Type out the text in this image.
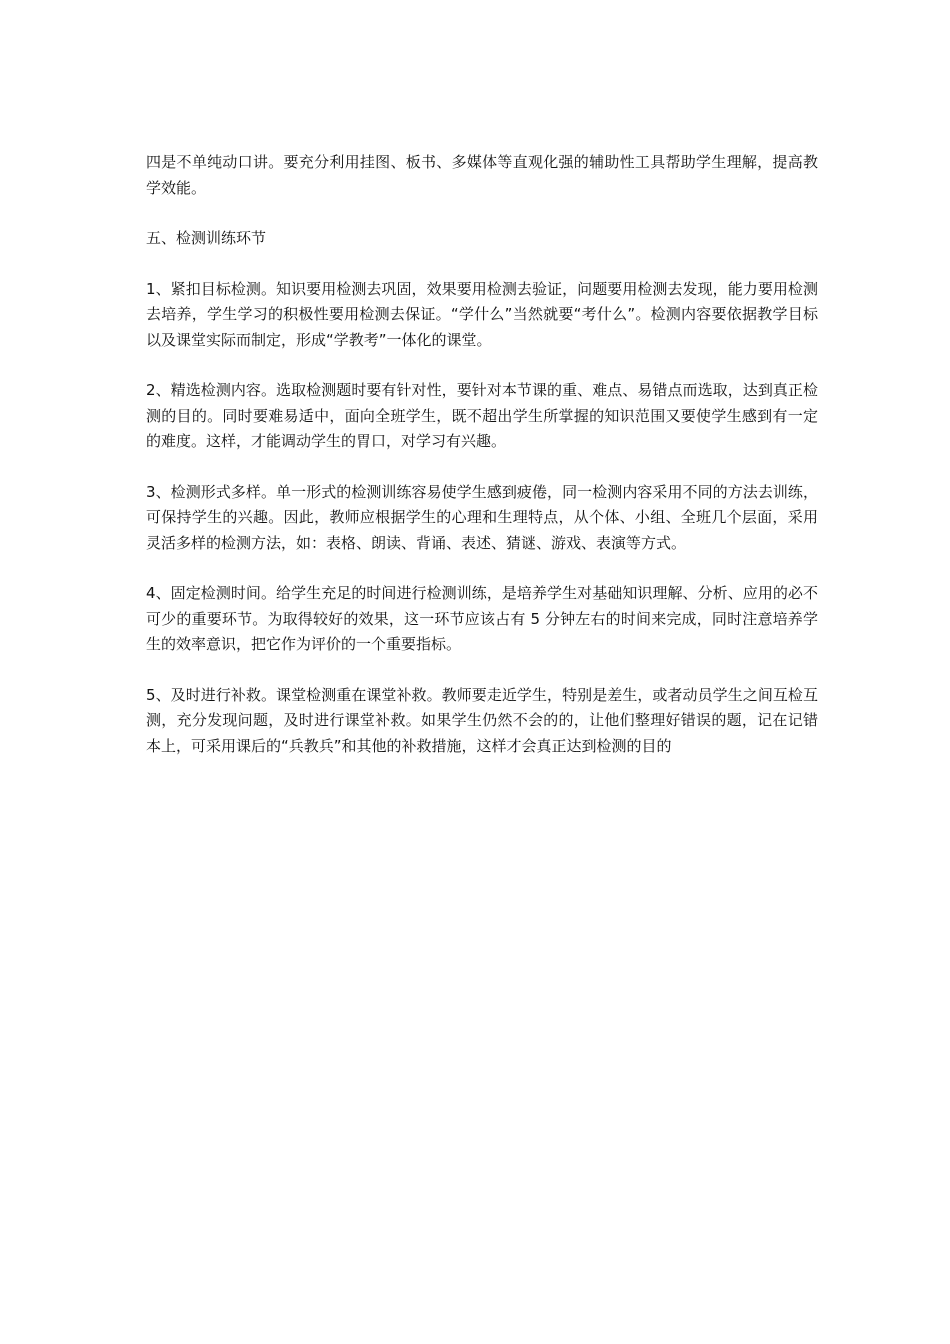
四是不单纯动口讲。要充分利用挂图、板书、多媒体等直观化强的辅助性工具帮助学生理解，提高教学效能。

五、检测训练环节

1、紧扣目标检测。知识要用检测去巩固，效果要用检测去验证，问题要用检测去发现，能力要用检测去培养，学生学习的积极性要用检测去保证。“学什么”当然就要“考什么”。检测内容要依据教学目标以及课堂实际而制定，形成“学教考”一体化的课堂。

2、精选检测内容。选取检测题时要有针对性，要针对本节课的重、难点、易错点而选取，达到真正检测的目的。同时要难易适中，面向全班学生，既不超出学生所掌握的知识范围又要使学生感到有一定的难度。这样，才能调动学生的胃口，对学习有兴趣。

3、检测形式多样。单一形式的检测训练容易使学生感到疲倦，同一检测内容采用不同的方法去训练，可保持学生的兴趣。因此，教师应根据学生的心理和生理特点，从个体、小组、全班几个层面，采用灵活多样的检测方法，如：表格、朗读、背诵、表述、猜谜、游戏、表演等方式。

4、固定检测时间。给学生充足的时间进行检测训练，是培养学生对基础知识理解、分析、应用的必不可少的重要环节。为取得较好的效果，这一环节应该占有 5 分钟左右的时间来完成，同时注意培养学生的效率意识，把它作为评价的一个重要指标。

5、及时进行补救。课堂检测重在课堂补救。教师要走近学生，特别是差生，或者动员学生之间互检互测，充分发现问题，及时进行课堂补救。如果学生仍然不会的的，让他们整理好错误的题，记在记错本上，可采用课后的“兵教兵”和其他的补救措施，这样才会真正达到检测的目的
